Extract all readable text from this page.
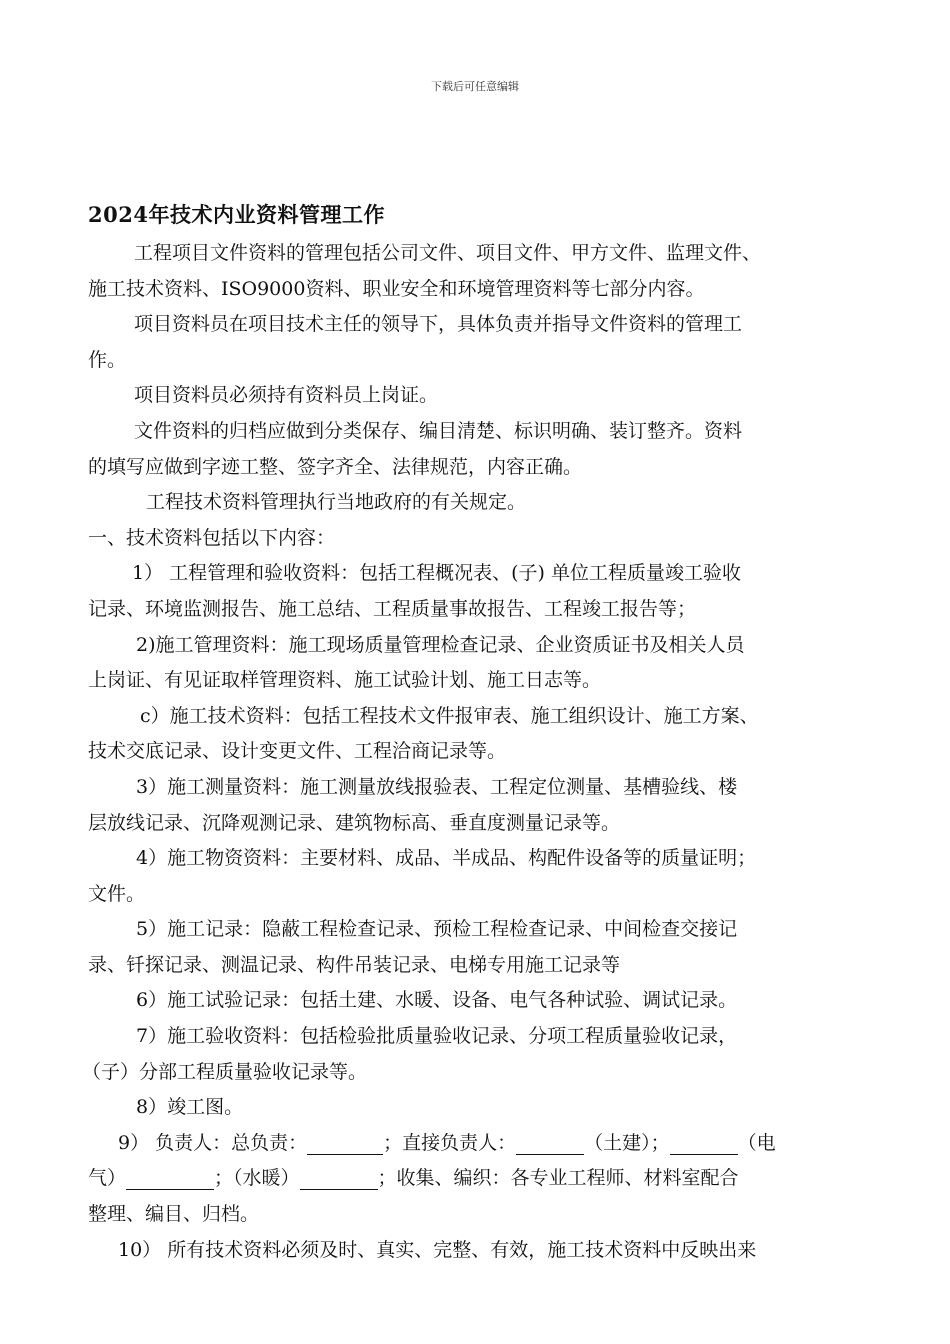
下载后可任意编辑
2024年技术内业资料管理工作

工程项目文件资料的管理包括公司文件、项目文件、甲方文件、监理文件、

施工技术资料、ISO9000资料、职业安全和环境管理资料等七部分内容。

项目资料员在项目技术主任的领导下，具体负责并指导文件资料的管理工

作。

项目资料员必须持有资料员上岗证。

文件资料的归档应做到分类保存、编目清楚、标识明确、装订整齐。资料

的填写应做到字迹工整、签字齐全、法律规范，内容正确。

工程技术资料管理执行当地政府的有关规定。

一、技术资料包括以下内容：

1） 工程管理和验收资料：包括工程概况表、(子) 单位工程质量竣工验收

记录、环境监测报告、施工总结、工程质量事故报告、工程竣工报告等；

2)施工管理资料：施工现场质量管理检查记录、企业资质证书及相关人员

上岗证、有见证取样管理资料、施工试验计划、施工日志等。

c）施工技术资料：包括工程技术文件报审表、施工组织设计、施工方案、

技术交底记录、设计变更文件、工程洽商记录等。

3）施工测量资料：施工测量放线报验表、工程定位测量、基槽验线、楼

层放线记录、沉降观测记录、建筑物标高、垂直度测量记录等。

4）施工物资资料：主要材料、成品、半成品、构配件设备等的质量证明；

文件。

5）施工记录：隐蔽工程检查记录、预检工程检查记录、中间检查交接记

录、钎探记录、测温记录、构件吊装记录、电梯专用施工记录等

6）施工试验记录：包括土建、水暖、设备、电气各种试验、调试记录。

7）施工验收资料：包括检验批质量验收记录、分项工程质量验收记录，

（子）分部工程质量验收记录等。

8）竣工图。

9） 负责人：总负责：	；直接负责人：	（土建）；	（电

气）	；（水暖）	；收集、编织：各专业工程师、材料室配合

整理、编目、归档。

10） 所有技术资料必须及时、真实、完整、有效，施工技术资料中反映出来
